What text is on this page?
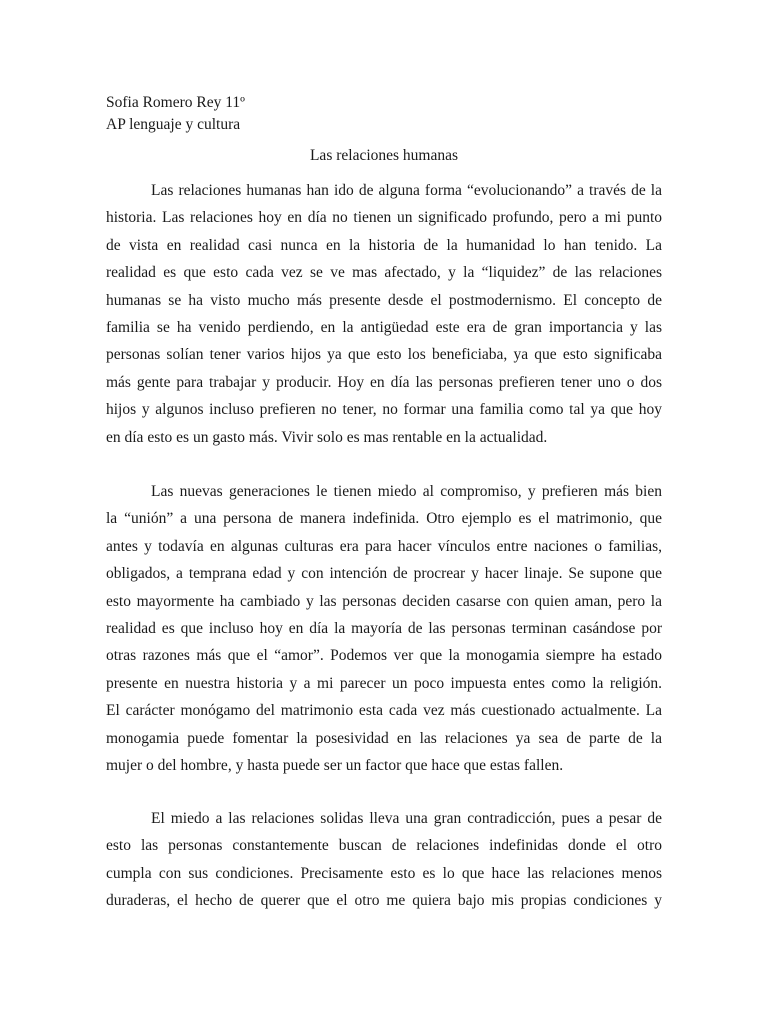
Sofia Romero Rey 11º
AP lenguaje y cultura
Las relaciones humanas
Las relaciones humanas han ido de alguna forma “evolucionando” a través de la
historia. Las relaciones hoy en día no tienen un significado profundo, pero a mi punto
de vista en realidad casi nunca en la historia de la humanidad lo han tenido. La
realidad es que esto cada vez se ve mas afectado, y la “liquidez” de las relaciones
humanas se ha visto mucho más presente desde el postmodernismo. El concepto de
familia se ha venido perdiendo, en la antigüedad este era de gran importancia y las
personas solían tener varios hijos ya que esto los beneficiaba, ya que esto significaba
más gente para trabajar y producir. Hoy en día las personas prefieren tener uno o dos
hijos y algunos incluso prefieren no tener, no formar una familia como tal ya que hoy
en día esto es un gasto más. Vivir solo es mas rentable en la actualidad.
Las nuevas generaciones le tienen miedo al compromiso, y prefieren más bien
la “unión” a una persona de manera indefinida. Otro ejemplo es el matrimonio, que
antes y todavía en algunas culturas era para hacer vínculos entre naciones o familias,
obligados, a temprana edad y con intención de procrear y hacer linaje. Se supone que
esto mayormente ha cambiado y las personas deciden casarse con quien aman, pero la
realidad es que incluso hoy en día la mayoría de las personas terminan casándose por
otras razones más que el “amor”. Podemos ver que la monogamia siempre ha estado
presente en nuestra historia y a mi parecer un poco impuesta entes como la religión.
El carácter monógamo del matrimonio esta cada vez más cuestionado actualmente. La
monogamia puede fomentar la posesividad en las relaciones ya sea de parte de la
mujer o del hombre, y hasta puede ser un factor que hace que estas fallen.
El miedo a las relaciones solidas lleva una gran contradicción, pues a pesar de
esto las personas constantemente buscan de relaciones indefinidas donde el otro
cumpla con sus condiciones. Precisamente esto es lo que hace las relaciones menos
duraderas, el hecho de querer que el otro me quiera bajo mis propias condiciones y
